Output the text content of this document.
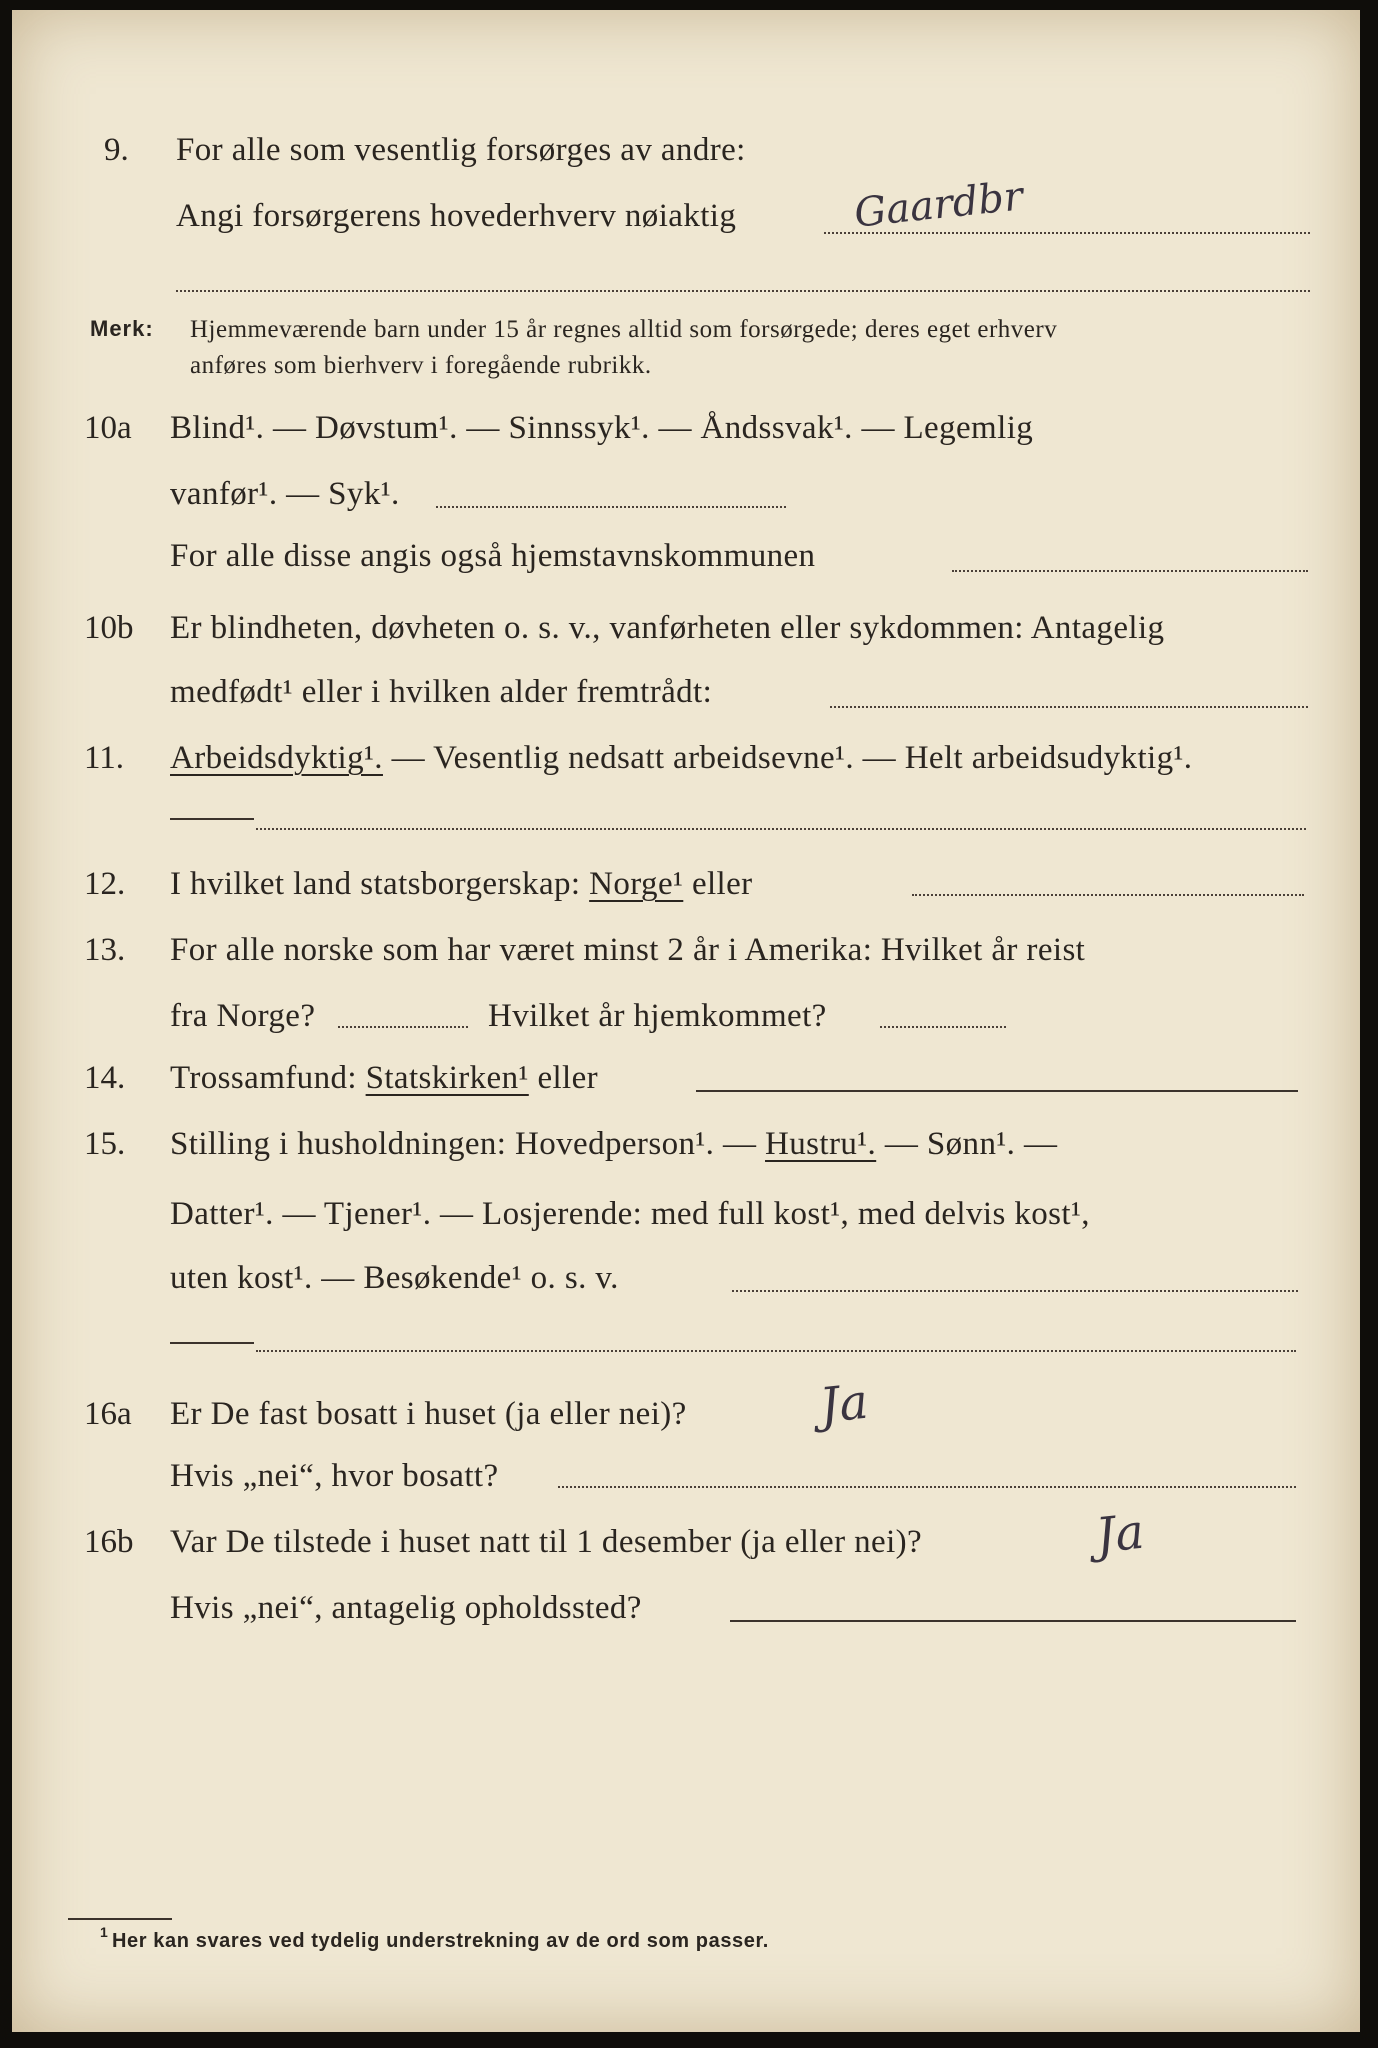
9. For alle som vesentlig forsørges av andre:
Angi forsørgerens hovederhverv nøiaktig	Gaardbr
Merk: Hjemmeværende barn under 15 år regnes alltid som forsørgede; deres eget erhverv
anføres som bierhverv i foregående rubrikk.
10a Blind¹. — Døvstum¹. — Sinnssyk¹. — Åndssvak¹. — Legemlig
vanfør¹. — Syk¹.
For alle disse angis også hjemstavnskommunen
10b Er blindheten, døvheten o. s. v., vanførheten eller sykdommen: Antagelig
medfødt¹ eller i hvilken alder fremtrådt:
11. Arbeidsdyktig¹. — Vesentlig nedsatt arbeidsevne¹. — Helt arbeidsudyktig¹.
12. I hvilket land statsborgerskap: Norge¹ eller
13. For alle norske som har været minst 2 år i Amerika: Hvilket år reist
fra Norge?	Hvilket år hjemkommet?
14. Trossamfund: Statskirken¹ eller
15. Stilling i husholdningen: Hovedperson¹. — Hustru¹. — Sønn¹. —
Datter¹. — Tjener¹. — Losjerende: med full kost¹, med delvis kost¹,
uten kost¹. — Besøkende¹ o. s. v.
16a Er De fast bosatt i huset (ja eller nei)?	Ja
Hvis „nei“, hvor bosatt?
16b Var De tilstede i huset natt til 1 desember (ja eller nei)?	Ja
Hvis „nei“, antagelig opholdssted?
1 Her kan svares ved tydelig understrekning av de ord som passer.
